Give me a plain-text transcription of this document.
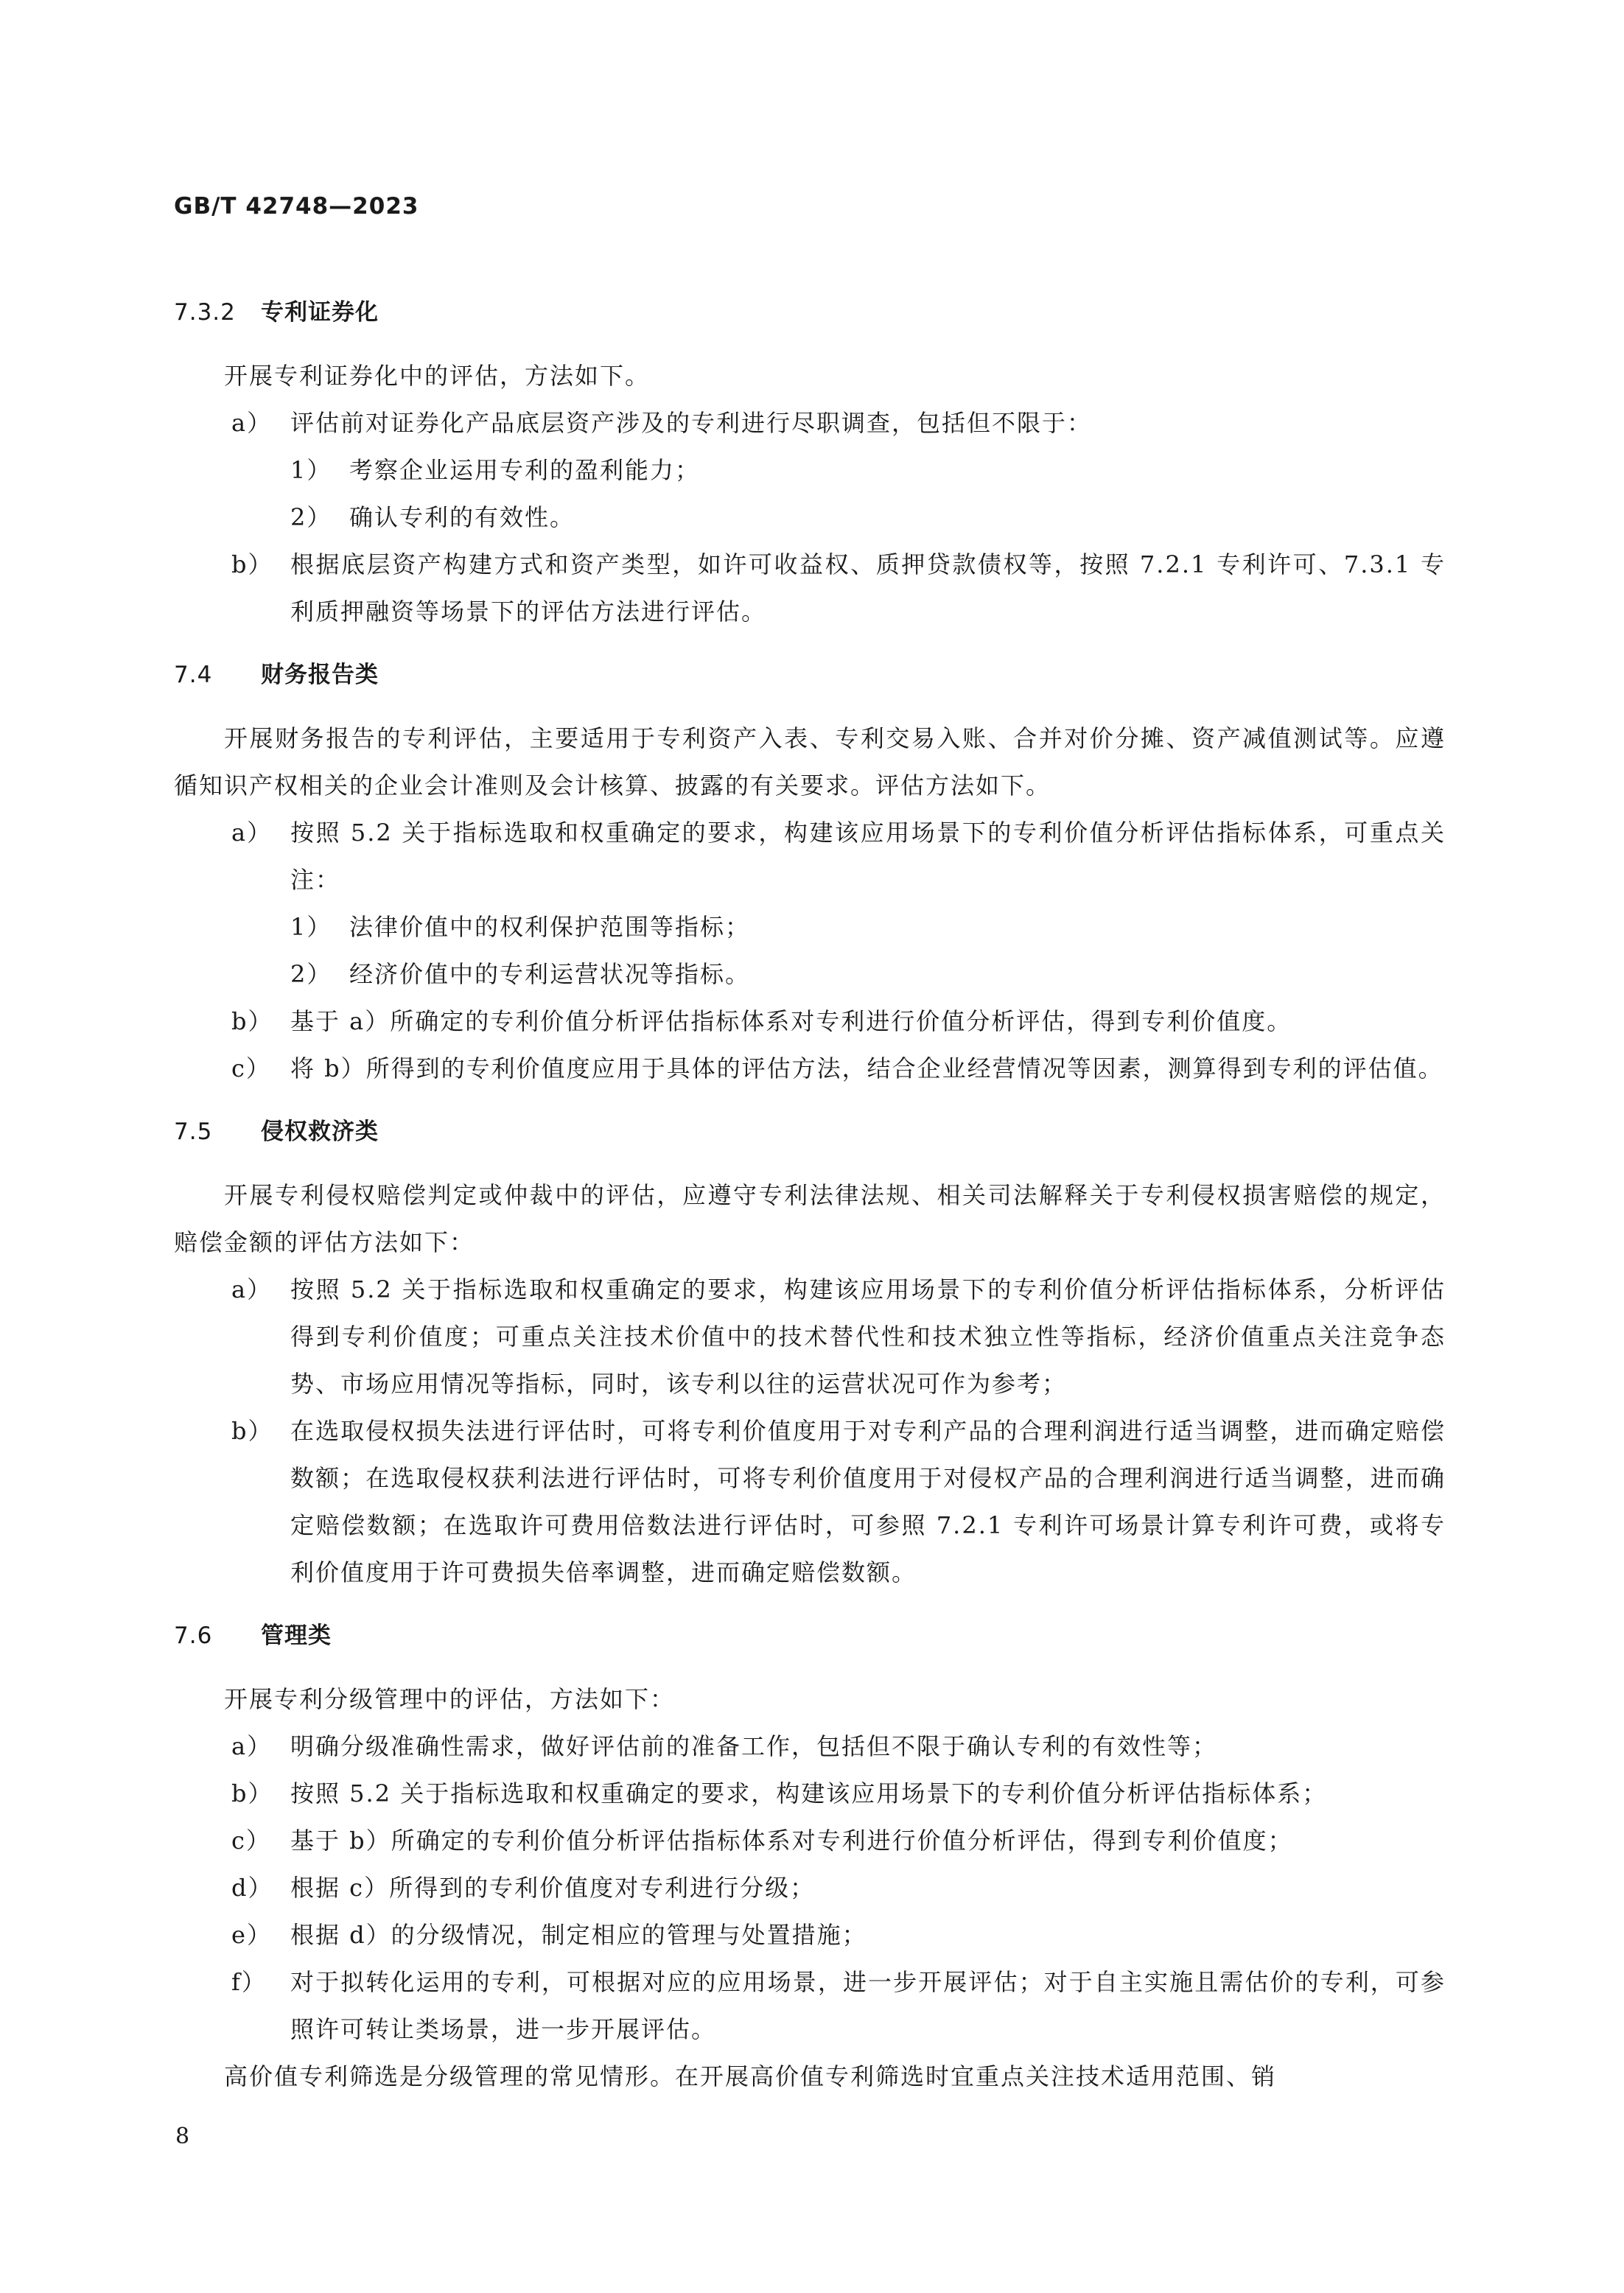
GB/T 42748—2023
7.3.2 专利证券化

开展专利证券化中的评估，方法如下。

a） 评估前对证券化产品底层资产涉及的专利进行尽职调查，包括但不限于：
1） 考察企业运用专利的盈利能力；
2） 确认专利的有效性。
b） 根据底层资产构建方式和资产类型，如许可收益权、质押贷款债权等，按照 7.2.1 专利许可、7.3.1 专利质押融资等场景下的评估方法进行评估。
7.4 财务报告类

开展财务报告的专利评估，主要适用于专利资产入表、专利交易入账、合并对价分摊、资产减值测试等。应遵循知识产权相关的企业会计准则及会计核算、披露的有关要求。评估方法如下。

a） 按照 5.2 关于指标选取和权重确定的要求，构建该应用场景下的专利价值分析评估指标体系，可重点关注：
1） 法律价值中的权利保护范围等指标；
2） 经济价值中的专利运营状况等指标。
b） 基于 a）所确定的专利价值分析评估指标体系对专利进行价值分析评估，得到专利价值度。
c） 将 b）所得到的专利价值度应用于具体的评估方法，结合企业经营情况等因素，测算得到专利的评估值。
7.5 侵权救济类

开展专利侵权赔偿判定或仲裁中的评估，应遵守专利法律法规、相关司法解释关于专利侵权损害赔偿的规定，赔偿金额的评估方法如下：

a） 按照 5.2 关于指标选取和权重确定的要求，构建该应用场景下的专利价值分析评估指标体系，分析评估得到专利价值度；可重点关注技术价值中的技术替代性和技术独立性等指标，经济价值重点关注竞争态势、市场应用情况等指标，同时，该专利以往的运营状况可作为参考；
b） 在选取侵权损失法进行评估时，可将专利价值度用于对专利产品的合理利润进行适当调整，进而确定赔偿数额；在选取侵权获利法进行评估时，可将专利价值度用于对侵权产品的合理利润进行适当调整，进而确定赔偿数额；在选取许可费用倍数法进行评估时，可参照 7.2.1 专利许可场景计算专利许可费，或将专利价值度用于许可费损失倍率调整，进而确定赔偿数额。
7.6 管理类

开展专利分级管理中的评估，方法如下：

a） 明确分级准确性需求，做好评估前的准备工作，包括但不限于确认专利的有效性等；
b） 按照 5.2 关于指标选取和权重确定的要求，构建该应用场景下的专利价值分析评估指标体系；
c） 基于 b）所确定的专利价值分析评估指标体系对专利进行价值分析评估，得到专利价值度；
d） 根据 c）所得到的专利价值度对专利进行分级；
e） 根据 d）的分级情况，制定相应的管理与处置措施；
f） 对于拟转化运用的专利，可根据对应的应用场景，进一步开展评估；对于自主实施且需估价的专利，可参照许可转让类场景，进一步开展评估。

高价值专利筛选是分级管理的常见情形。在开展高价值专利筛选时宜重点关注技术适用范围、销

8
